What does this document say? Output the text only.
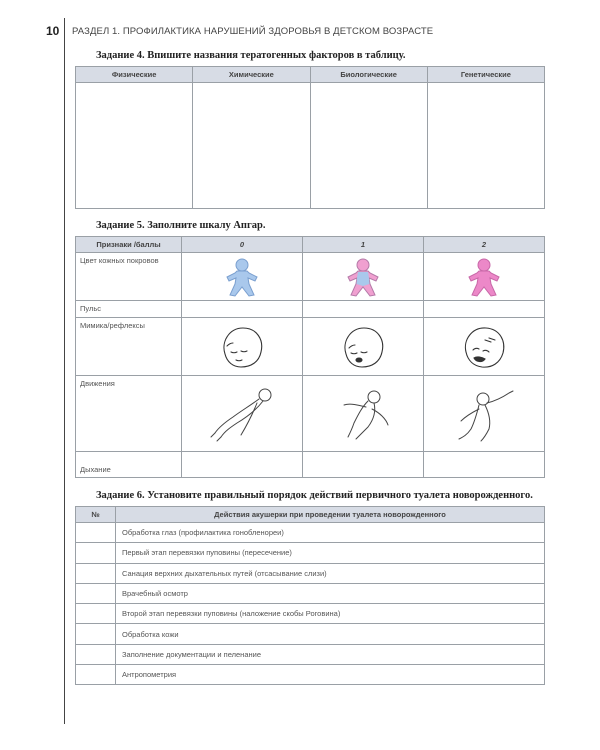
10 РАЗДЕЛ 1. ПРОФИЛАКТИКА НАРУШЕНИЙ ЗДОРОВЬЯ В ДЕТСКОМ ВОЗРАСТЕ
Задание 4. Впишите названия тератогенных факторов в таблицу.
Физические	Химические	Биологические	Генетические

Задание 5. Заполните шкалу Апгар.
Признаки /баллы	0	1	2
Цвет кожных покровов	

Пульс			
Мимика/рефлексы	

Движения	

Дыхание			
Задание 6. Установите правильный порядок действий первичного туалета новорожденного.
№	Действия акушерки при проведении туалета новорожденного
	Обработка глаз (профилактика гонобленореи)
	Первый этап перевязки пуповины (пересечение)
	Санация верхних дыхательных путей (отсасывание слизи)
	Врачебный осмотр
	Второй этап перевязки пуповины (наложение скобы Роговина)
	Обработка кожи
	Заполнение документации и пеленание
	Антропометрия
